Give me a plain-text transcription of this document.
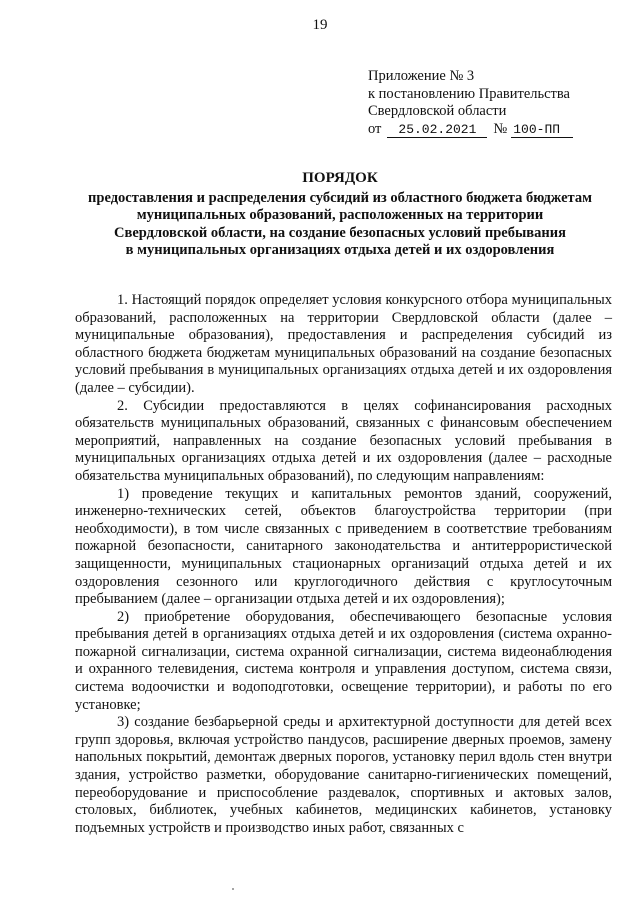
19
Приложение № 3
к постановлению Правительства
Свердловской области
от 25.02.2021 № 100-ПП
ПОРЯДОК
предоставления и распределения субсидий из областного бюджета бюджетам
муниципальных образований, расположенных на территории
Свердловской области, на создание безопасных условий пребывания
в муниципальных организациях отдыха детей и их оздоровления

1. Настоящий порядок определяет условия конкурсного отбора муниципальных образований, расположенных на территории Свердловской области (далее – муниципальные образования), предоставления и распределения субсидий из областного бюджета бюджетам муниципальных образований на создание безопасных условий пребывания в муниципальных организациях отдыха детей и их оздоровления (далее – субсидии).

2. Субсидии предоставляются в целях софинансирования расходных обязательств муниципальных образований, связанных с финансовым обеспечением мероприятий, направленных на создание безопасных условий пребывания в муниципальных организациях отдыха детей и их оздоровления (далее – расходные обязательства муниципальных образований), по следующим направлениям:

1) проведение текущих и капитальных ремонтов зданий, сооружений, инженерно-технических сетей, объектов благоустройства территории (при необходимости), в том числе связанных с приведением в соответствие требованиям пожарной безопасности, санитарного законодательства и антитеррористической защищенности, муниципальных стационарных организаций отдыха детей и их оздоровления сезонного или круглогодичного действия с круглосуточным пребыванием (далее – организации отдыха детей и их оздоровления);

2) приобретение оборудования, обеспечивающего безопасные условия пребывания детей в организациях отдыха детей и их оздоровления (система охранно-пожарной сигнализации, система охранной сигнализации, система видеонаблюдения и охранного телевидения, система контроля и управления доступом, система связи, система водоочистки и водоподготовки, освещение территории), и работы по его установке;

3) создание безбарьерной среды и архитектурной доступности для детей всех групп здоровья, включая устройство пандусов, расширение дверных проемов, замену напольных покрытий, демонтаж дверных порогов, установку перил вдоль стен внутри здания, устройство разметки, оборудование санитарно-гигиенических помещений, переоборудование и приспособление раздевалок, спортивных и актовых залов, столовых, библиотек, учебных кабинетов, медицинских кабинетов, установку подъемных устройств и производство иных работ, связанных с
